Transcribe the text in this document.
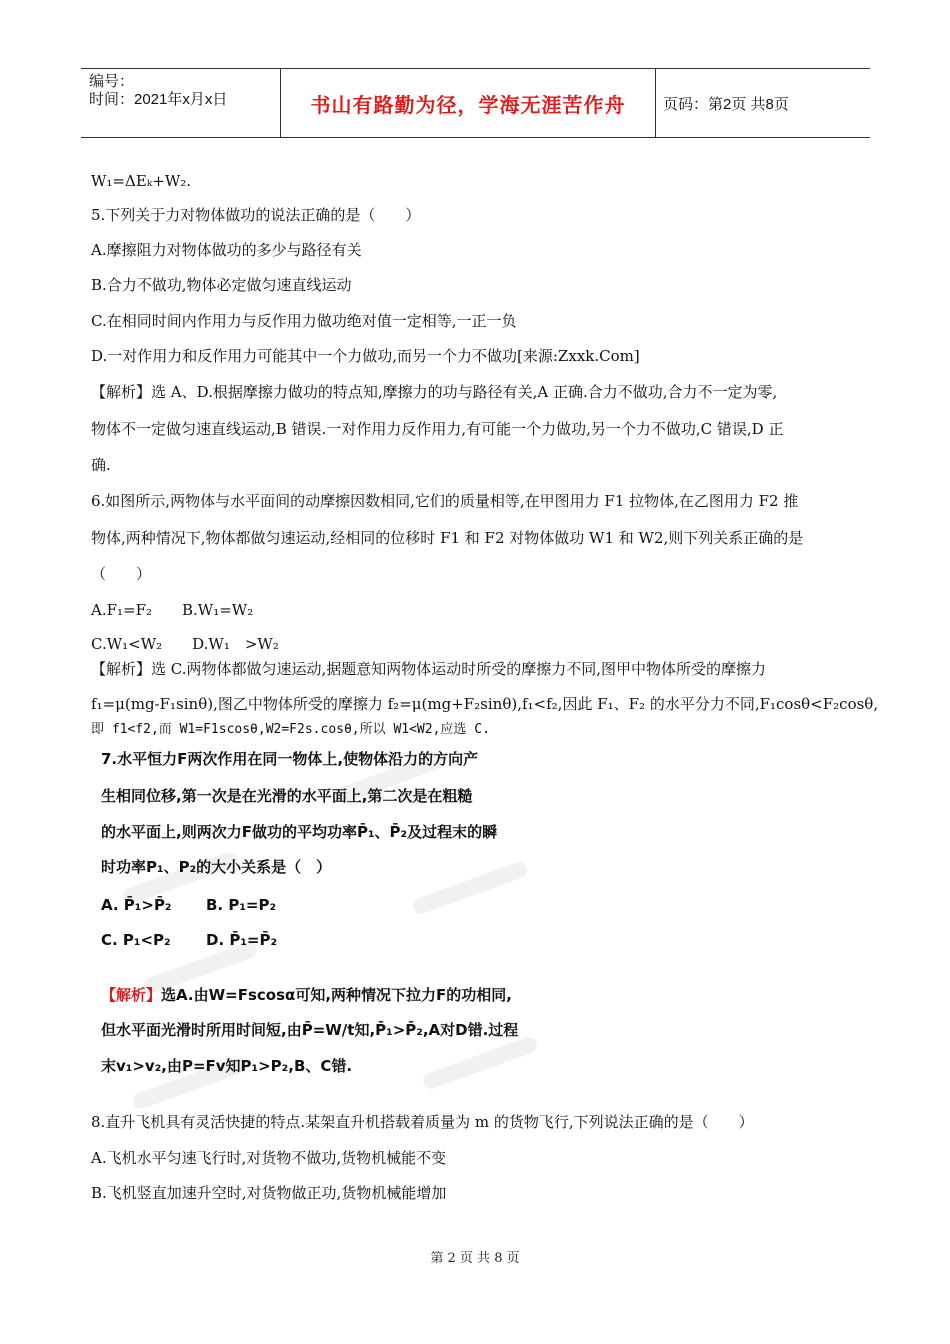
编号：
时间：2021年x月x日	书山有路勤为径，学海无涯苦作舟	页码：第2页 共8页
W₁=ΔEₖ+W₂.
5.下列关于力对物体做功的说法正确的是（　　）
A.摩擦阻力对物体做功的多少与路径有关
B.合力不做功,物体必定做匀速直线运动
C.在相同时间内作用力与反作用力做功绝对值一定相等,一正一负
D.一对作用力和反作用力可能其中一个力做功,而另一个力不做功[来源:Zxxk.Com]
【解析】选 A、D.根据摩擦力做功的特点知,摩擦力的功与路径有关,A 正确.合力不做功,合力不一定为零,
物体不一定做匀速直线运动,B 错误.一对作用力反作用力,有可能一个力做功,另一个力不做功,C 错误,D 正
确.
6.如图所示,两物体与水平面间的动摩擦因数相同,它们的质量相等,在甲图用力 F1 拉物体,在乙图用力 F2 推
物体,两种情况下,物体都做匀速运动,经相同的位移时 F1 和 F2 对物体做功 W1 和 W2,则下列关系正确的是
（　　）
A.F₁=F₂　　B.W₁=W₂
C.W₁<W₂　　D.W₁　>W₂
【解析】选 C.两物体都做匀速运动,据题意知两物体运动时所受的摩擦力不同,图甲中物体所受的摩擦力
f₁=μ(mg-F₁sinθ),图乙中物体所受的摩擦力 f₂=μ(mg+F₂sinθ),f₁<f₂,因此 F₁、F₂ 的水平分力不同,F₁cosθ<F₂cosθ,
即 f1<f2,而 W1=F1scosθ,W2=F2s.cosθ,所以 W1<W2,应选 C.
7.水平恒力F两次作用在同一物体上,使物体沿力的方向产
生相同位移,第一次是在光滑的水平面上,第二次是在粗糙
的水平面上,则两次力F做功的平均功率P̄₁、P̄₂及过程末的瞬
时功率P₁、P₂的大小关系是（　）
A. P̄₁>P̄₂ B. P₁=P₂
C. P₁<P₂ D. P̄₁=P̄₂
【解析】选A.由W=Fscosα可知,两种情况下拉力F的功相同,
但水平面光滑时所用时间短,由P̄=W/t知,P̄₁>P̄₂,A对D错.过程
末v₁>v₂,由P=Fv知P₁>P₂,B、C错.
8.直升飞机具有灵活快捷的特点.某架直升机搭载着质量为 m 的货物飞行,下列说法正确的是（　　）
A.飞机水平匀速飞行时,对货物不做功,货物机械能不变
B.飞机竖直加速升空时,对货物做正功,货物机械能增加
第 2 页 共 8 页
